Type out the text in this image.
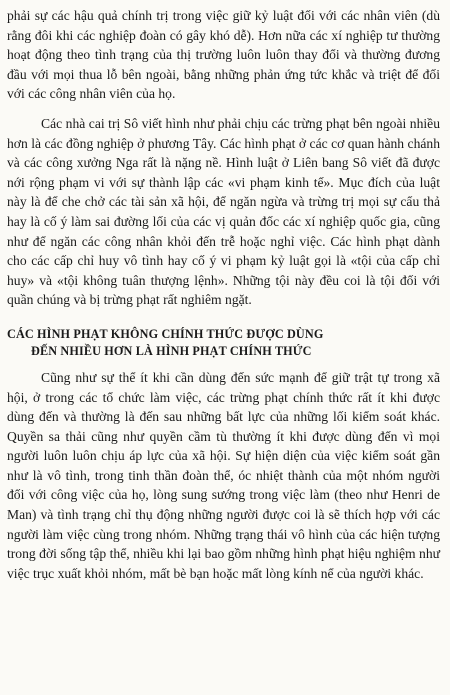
phải sự các hậu quả chính trị trong việc giữ kỷ luật đối với các nhân viên (dù rằng đôi khi các nghiệp đoàn có gây khó dễ). Hơn nữa các xí nghiệp tư thường hoạt động theo tình trạng của thị trường luôn luôn thay đổi và thường đương đầu với mọi thua lỗ bên ngoài, bằng những phản ứng tức khắc và triệt để đối với các công nhân viên của họ.

Các nhà cai trị Sô viết hình như phải chịu các trừng phạt bên ngoài nhiều hơn là các đồng nghiệp ở phương Tây. Các hình phạt ở các cơ quan hành chánh và các công xưởng Nga rất là nặng nề. Hình luật ở Liên bang Sô viết đã được nới rộng phạm vi với sự thành lập các «vi phạm kinh tế». Mục đích của luật này là để che chở các tài sản xã hội, để ngăn ngừa và trừng trị mọi sự cẩu thả hay là cố ý làm sai đường lối của các vị quản đốc các xí nghiệp quốc gia, cũng như để ngăn các công nhân khỏi đến trễ hoặc nghỉ việc. Các hình phạt dành cho các cấp chỉ huy vô tình hay cố ý vi phạm kỷ luật gọi là «tội của cấp chỉ huy» và «tội không tuân thượng lệnh». Những tội này đều coi là tội đối với quần chúng và bị trừng phạt rất nghiêm ngặt.

CÁC HÌNH PHẠT KHÔNG CHÍNH THỨC ĐƯỢC DÙNG
ĐẾN NHIỀU HƠN LÀ HÌNH PHẠT CHÍNH THỨC

Cũng như sự thể ít khi cần dùng đến sức mạnh để giữ trật tự trong xã hội, ở trong các tổ chức làm việc, các trừng phạt chính thức rất ít khi được dùng đến và thường là đến sau những bất lực của những lối kiểm soát khác. Quyền sa thải cũng như quyền cầm tù thường ít khi được dùng đến vì mọi người luôn luôn chịu áp lực của xã hội. Sự hiện diện của việc kiểm soát gần như là vô tình, trong tinh thần đoàn thể, óc nhiệt thành của một nhóm người đối với công việc của họ, lòng sung sướng trong việc làm (theo như Henri de Man) và tình trạng chỉ thụ động những người được coi là sẽ thích hợp với các người làm việc cùng trong nhóm. Những trạng thái vô hình của các hiện tượng trong đời sống tập thể, nhiều khi lại bao gồm những hình phạt hiệu nghiệm như việc trục xuất khỏi nhóm, mất bè bạn hoặc mất lòng kính nể của người khác.
